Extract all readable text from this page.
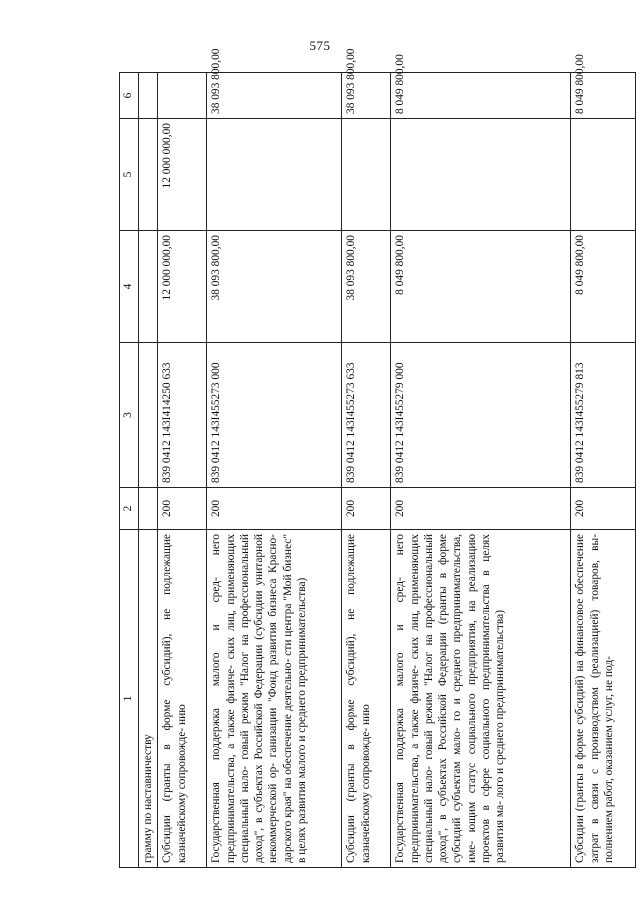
575
1	2	3	4	5	6
грамму по наставничеству					
Субсидии (гранты в форме субсидий), не подлежащие казначейскому сопровожде- нию	200	839 0412 143I414250 633	12 000 000,00	12 000 000,00	
Государственная поддержка малого и сред- него предпринимательства, а также физиче- ских лиц, применяющих специальный нало- говый режим "Налог на профессиональный доход", в субъектах Российской Федерации (субсидии унитарной некоммерческой ор- ганизации "Фонд развития бизнеса Красно- дарского края" на обеспечение деятельно- сти центра "Мой бизнес" в целях развития малого и среднего предпринимательства)	200	839 0412 143I455273 000	38 093 800,00		38 093 800,00
Субсидии (гранты в форме субсидий), не подлежащие казначейскому сопровожде- нию	200	839 0412 143I455273 633	38 093 800,00		38 093 800,00
Государственная поддержка малого и сред- него предпринимательства, а также физиче- ских лиц, применяющих специальный нало- говый режим "Налог на профессиональный доход", в субъектах Российской Федерации (гранты в форме субсидий субъектам мало- го и среднего предпринимательства, име- ющим статус социального предприятия, на реализацию проектов в сфере социального предпринимательства в целях развития ма- лого и среднего предпринимательства)	200	839 0412 143I455279 000	8 049 800,00		8 049 800,00
Субсидии (гранты в форме субсидий) на финансовое обеспечение затрат в связи с производством (реализацией) товаров, вы- полнением работ, оказанием услуг, не под-	200	839 0412 143I455279 813	8 049 800,00		8 049 800,00
